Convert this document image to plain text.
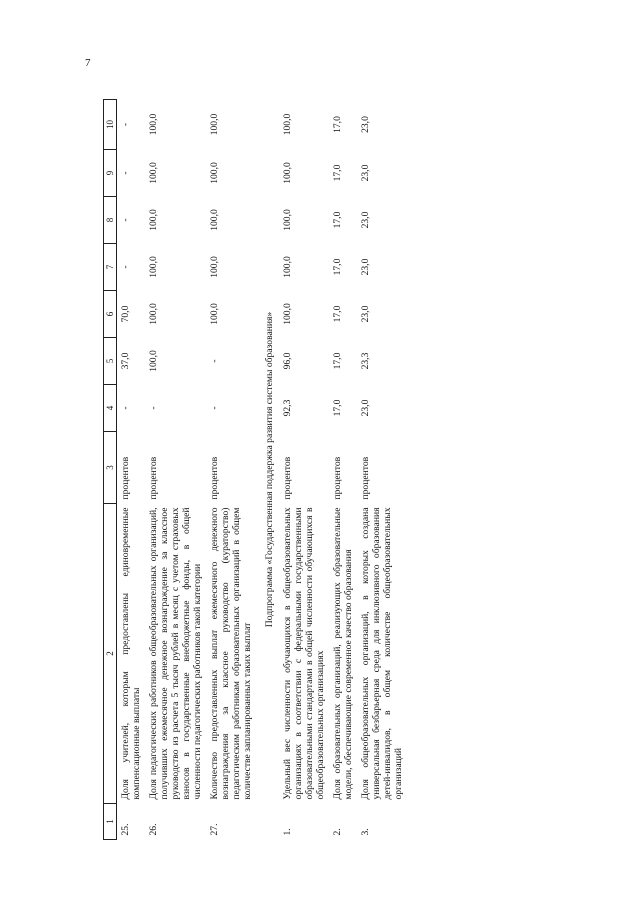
7
1	2	3	4	5	6	7	8	9	10
25.	Доля учителей, которым предоставлены единовременные компенсационные выплаты	процентов	-	37,0	70,0	-	-	-	-
26.	Доля педагогических работников общеобразовательных организаций, получивших ежемесячное денежное вознаграждение за классное руководство из расчета 5 тысяч рублей в месяц с учетом страховых взносов в государственные внебюджетные фонды, в общей численности педагогических работников такой категории	процентов	-	100,0	100,0	100,0	100,0	100,0	100,0
27.	Количество предоставленных выплат ежемесячного денежного вознаграждения за классное руководство (кураторство) педагогическим работникам образовательных организаций в общем количестве запланированных таких выплат	процентов	-	-	100,0	100,0	100,0	100,0	100,0
Подпрограмма «Государственная поддержка развития системы образования»									
1.	Удельный вес численности обучающихся в общеобразовательных организациях в соответствии с федеральными государственными образовательными стандартами в общей численности обучающихся в общеобразовательных организациях	процентов	92,3	96,0	100,0	100,0	100,0	100,0	100,0
2.	Доля образовательных организаций, реализующих образовательные модели, обеспечивающие современное качество образования	процентов	17,0	17,0	17,0	17,0	17,0	17,0	17,0
3.	Доля общеобразовательных организаций, в которых создана универсальная безбарьерная среда для инклюзивного образования детей-инвалидов, в общем количестве общеобразовательных организаций	процентов	23,0	23,3	23,0	23,0	23,0	23,0	23,0
